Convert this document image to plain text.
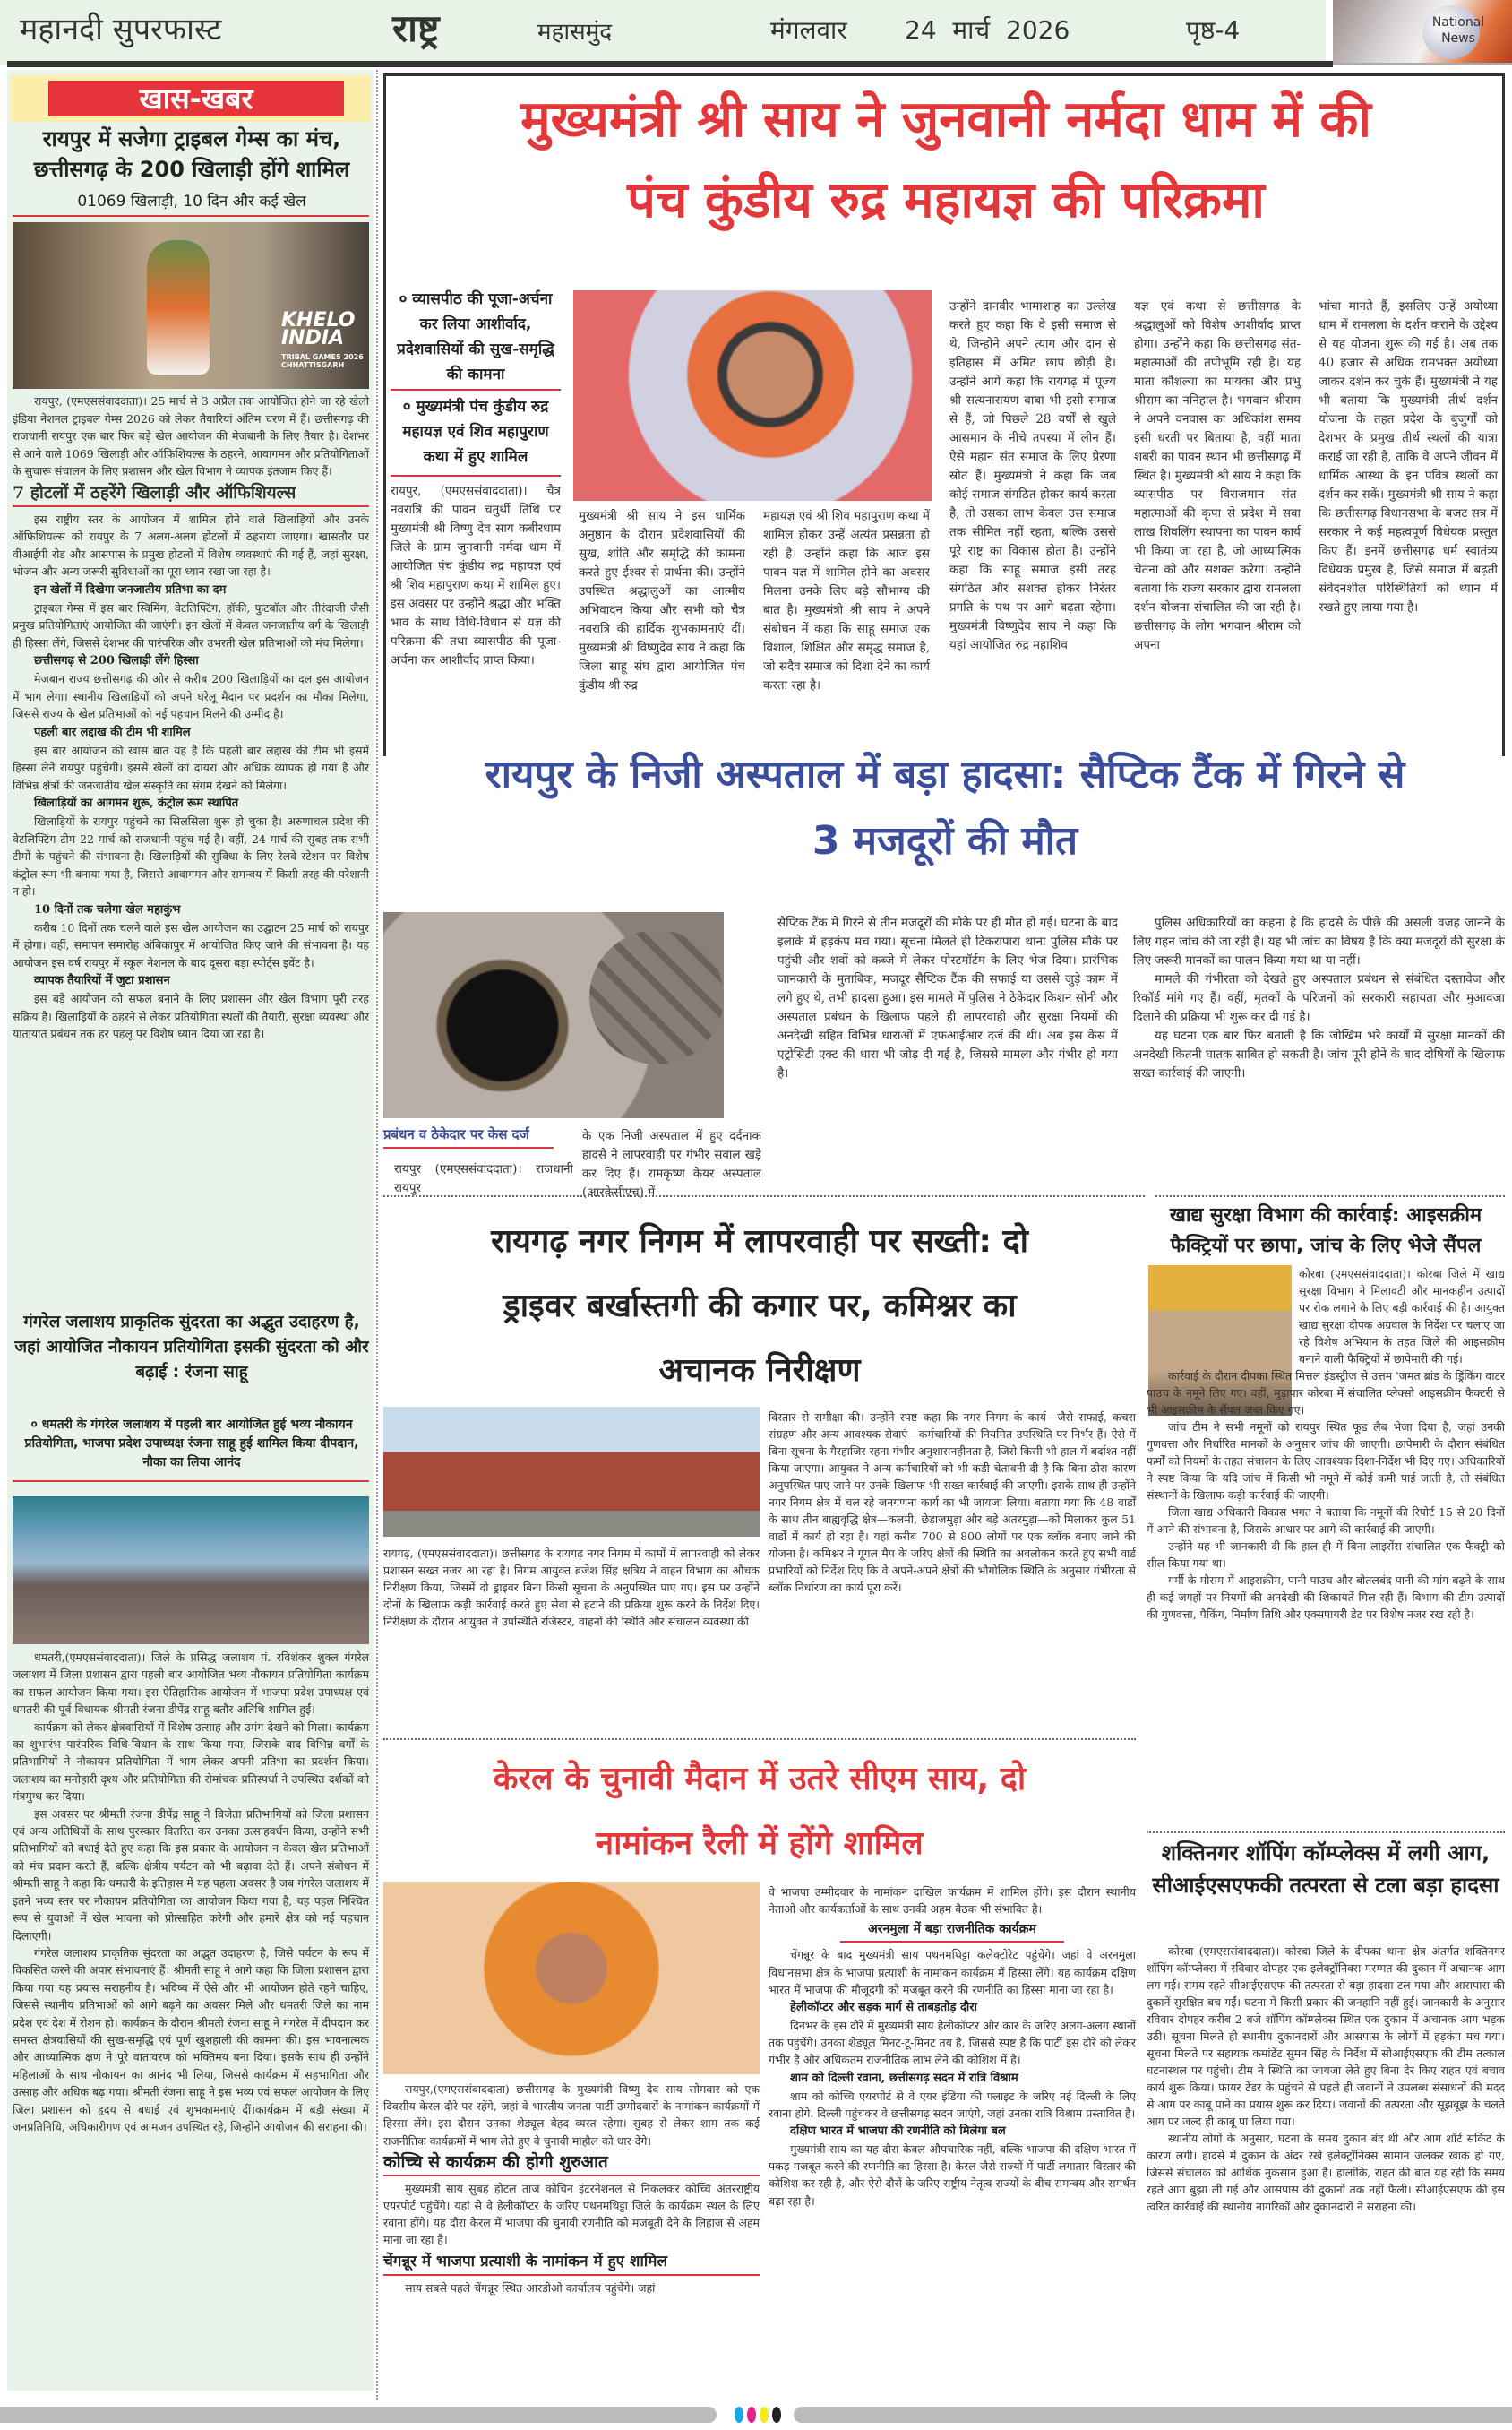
महानदी सुपरफास्ट	राष्ट्र	महासमुंद	मंगलवार 24  मार्च  2026	पृष्ठ-4	National News
खास-खबर
रायपुर में सजेगा ट्राइबल गेम्स का मंच, छत्तीसगढ़ के 200 खिलाड़ी होंगे शामिल
01069 खिलाड़ी, 10 दिन और कई खेल
KHELO INDIA
TRIBAL GAMES 2026 CHHATTISGARH

रायपुर, (एमएससंवाददाता)। 25 मार्च से 3 अप्रैल तक आयोजित होने जा रहे खेलो इंडिया नेशनल ट्राइबल गेम्स 2026 को लेकर तैयारियां अंतिम चरण में हैं। छत्तीसगढ़ की राजधानी रायपुर एक बार फिर बड़े खेल आयोजन की मेजबानी के लिए तैयार है। देशभर से आने वाले 1069 खिलाड़ी और ऑफिशियल्स के ठहरने, आवागमन और प्रतियोगिताओं के सुचारू संचालन के लिए प्रशासन और खेल विभाग ने व्यापक इंतजाम किए हैं।

7 होटलों में ठहरेंगे खिलाड़ी और ऑफिशियल्स

इस राष्ट्रीय स्तर के आयोजन में शामिल होने वाले खिलाड़ियों और उनके ऑफिशियल्स को रायपुर के 7 अलग-अलग होटलों में ठहराया जाएगा। खासतौर पर वीआईपी रोड और आसपास के प्रमुख होटलों में विशेष व्यवस्थाएं की गई हैं, जहां सुरक्षा, भोजन और अन्य जरूरी सुविधाओं का पूरा ध्यान रखा जा रहा है।

इन खेलों में दिखेगा जनजातीय प्रतिभा का दम

ट्राइबल गेम्स में इस बार स्विमिंग, वेटलिफ्टिंग, हॉकी, फुटबॉल और तीरंदाजी जैसी प्रमुख प्रतियोगिताएं आयोजित की जाएंगी। इन खेलों में केवल जनजातीय वर्ग के खिलाड़ी ही हिस्सा लेंगे, जिससे देशभर की पारंपरिक और उभरती खेल प्रतिभाओं को मंच मिलेगा।

छत्तीसगढ़ से 200 खिलाड़ी लेंगे हिस्सा

मेजबान राज्य छत्तीसगढ़ की ओर से करीब 200 खिलाड़ियों का दल इस आयोजन में भाग लेगा। स्थानीय खिलाड़ियों को अपने घरेलू मैदान पर प्रदर्शन का मौका मिलेगा, जिससे राज्य के खेल प्रतिभाओं को नई पहचान मिलने की उम्मीद है।

पहली बार लद्दाख की टीम भी शामिल

इस बार आयोजन की खास बात यह है कि पहली बार लद्दाख की टीम भी इसमें हिस्सा लेने रायपुर पहुंचेगी। इससे खेलों का दायरा और अधिक व्यापक हो गया है और विभिन्न क्षेत्रों की जनजातीय खेल संस्कृति का संगम देखने को मिलेगा।

खिलाड़ियों का आगमन शुरू, कंट्रोल रूम स्थापित

खिलाड़ियों के रायपुर पहुंचने का सिलसिला शुरू हो चुका है। अरुणाचल प्रदेश की वेटलिफ्टिंग टीम 22 मार्च को राजधानी पहुंच गई है। वहीं, 24 मार्च की सुबह तक सभी टीमों के पहुंचने की संभावना है। खिलाड़ियों की सुविधा के लिए रेलवे स्टेशन पर विशेष कंट्रोल रूम भी बनाया गया है, जिससे आवागमन और समन्वय में किसी तरह की परेशानी न हो।

10 दिनों तक चलेगा खेल महाकुंभ

करीब 10 दिनों तक चलने वाले इस खेल आयोजन का उद्घाटन 25 मार्च को रायपुर में होगा। वहीं, समापन समारोह अंबिकापुर में आयोजित किए जाने की संभावना है। यह आयोजन इस वर्ष रायपुर में स्कूल नेशनल के बाद दूसरा बड़ा स्पोर्ट्स इवेंट है।

व्यापक तैयारियों में जुटा प्रशासन

इस बड़े आयोजन को सफल बनाने के लिए प्रशासन और खेल विभाग पूरी तरह सक्रिय है। खिलाड़ियों के ठहरने से लेकर प्रतियोगिता स्थलों की तैयारी, सुरक्षा व्यवस्था और यातायात प्रबंधन तक हर पहलू पर विशेष ध्यान दिया जा रहा है।

गंगरेल जलाशय प्राकृतिक सुंदरता का अद्भुत उदाहरण है, जहां आयोजित नौकायन प्रतियोगिता इसकी सुंदरता को और बढ़ाई : रंजना साहू
० धमतरी के गंगरेल जलाशय में पहली बार आयोजित हुई भव्य नौकायन प्रतियोगिता, भाजपा प्रदेश उपाध्यक्ष रंजना साहू हुई शामिल किया दीपदान, नौका का लिया आनंद

धमतरी,(एमएससंवाददाता)। जिले के प्रसिद्ध जलाशय पं. रविशंकर शुक्ल गंगरेल जलाशय में जिला प्रशासन द्वारा पहली बार आयोजित भव्य नौकायन प्रतियोगिता कार्यक्रम का सफल आयोजन किया गया। इस ऐतिहासिक आयोजन में भाजपा प्रदेश उपाध्यक्ष एवं धमतरी की पूर्व विधायक श्रीमती रंजना डीपेंद्र साहू बतौर अतिथि शामिल हुईं।

कार्यक्रम को लेकर क्षेत्रवासियों में विशेष उत्साह और उमंग देखने को मिला। कार्यक्रम का शुभारंभ पारंपरिक विधि-विधान के साथ किया गया, जिसके बाद विभिन्न वर्गों के प्रतिभागियों ने नौकायन प्रतियोगिता में भाग लेकर अपनी प्रतिभा का प्रदर्शन किया। जलाशय का मनोहारी दृश्य और प्रतियोगिता की रोमांचक प्रतिस्पर्धा ने उपस्थित दर्शकों को मंत्रमुग्ध कर दिया।

इस अवसर पर श्रीमती रंजना डीपेंद्र साहू ने विजेता प्रतिभागियों को जिला प्रशासन एवं अन्य अतिथियों के साथ पुरस्कार वितरित कर उनका उत्साहवर्धन किया, उन्होंने सभी प्रतिभागियों को बधाई देते हुए कहा कि इस प्रकार के आयोजन न केवल खेल प्रतिभाओं को मंच प्रदान करते हैं, बल्कि क्षेत्रीय पर्यटन को भी बढ़ावा देते हैं। अपने संबोधन में श्रीमती साहू ने कहा कि धमतरी के इतिहास में यह पहला अवसर है जब गंगरेल जलाशय में इतने भव्य स्तर पर नौकायन प्रतियोगिता का आयोजन किया गया है, यह पहल निश्चित रूप से युवाओं में खेल भावना को प्रोत्साहित करेगी और हमारे क्षेत्र को नई पहचान दिलाएगी।

गंगरेल जलाशय प्राकृतिक सुंदरता का अद्भुत उदाहरण है, जिसे पर्यटन के रूप में विकसित करने की अपार संभावनाएं हैं। श्रीमती साहू ने आगे कहा कि जिला प्रशासन द्वारा किया गया यह प्रयास सराहनीय है। भविष्य में ऐसे और भी आयोजन होते रहने चाहिए, जिससे स्थानीय प्रतिभाओं को आगे बढ़ने का अवसर मिले और धमतरी जिले का नाम प्रदेश एवं देश में रोशन हो। कार्यक्रम के दौरान श्रीमती रंजना साहू ने गंगरेल में दीपदान कर समस्त क्षेत्रवासियों की सुख-समृद्धि एवं पूर्ण खुशहाली की कामना की। इस भावनात्मक और आध्यात्मिक क्षण ने पूरे वातावरण को भक्तिमय बना दिया। इसके साथ ही उन्होंने महिलाओं के साथ नौकायन का आनंद भी लिया, जिससे कार्यक्रम में सहभागिता और उत्साह और अधिक बढ़ गया। श्रीमती रंजना साहू ने इस भव्य एवं सफल आयोजन के लिए जिला प्रशासन को हृदय से बधाई एवं शुभकामनाएं दीं।कार्यक्रम में बड़ी संख्या में जनप्रतिनिधि, अधिकारीगण एवं आमजन उपस्थित रहे, जिन्होंने आयोजन की सराहना की।

मुख्यमंत्री श्री साय ने जुनवानी नर्मदा धाम में की
पंच कुंडीय रुद्र महायज्ञ की परिक्रमा
० व्यासपीठ की पूजा-अर्चना कर लिया आशीर्वाद, प्रदेशवासियों की सुख-समृद्धि की कामना
० मुख्यमंत्री पंच कुंडीय रुद्र महायज्ञ एवं शिव महापुराण कथा में हुए शामिल
रायपुर, (एमएससंवाददाता)। चैत्र नवरात्रि की पावन चतुर्थी तिथि पर मुख्यमंत्री श्री विष्णु देव साय कबीरधाम जिले के ग्राम जुनवानी नर्मदा धाम में आयोजित पंच कुंडीय रुद्र महायज्ञ एवं श्री शिव महापुराण कथा में शामिल हुए। इस अवसर पर उन्होंने श्रद्धा और भक्ति भाव के साथ विधि-विधान से यज्ञ की परिक्रमा की तथा व्यासपीठ की पूजा-अर्चना कर आशीर्वाद प्राप्त किया।
मुख्यमंत्री श्री साय ने इस धार्मिक अनुष्ठान के दौरान प्रदेशवासियों की सुख, शांति और समृद्धि की कामना करते हुए ईश्वर से प्रार्थना की। उन्होंने उपस्थित श्रद्धालुओं का आत्मीय अभिवादन किया और सभी को चैत्र नवरात्रि की हार्दिक शुभकामनाएं दीं। मुख्यमंत्री श्री विष्णुदेव साय ने कहा कि जिला साहू संघ द्वारा आयोजित पंच कुंडीय श्री रुद्र
महायज्ञ एवं श्री शिव महापुराण कथा में शामिल होकर उन्हें अत्यंत प्रसन्नता हो रही है। उन्होंने कहा कि आज इस पावन यज्ञ में शामिल होने का अवसर मिलना उनके लिए बड़े सौभाग्य की बात है। मुख्यमंत्री श्री साय ने अपने संबोधन में कहा कि साहू समाज एक विशाल, शिक्षित और समृद्ध समाज है, जो सदैव समाज को दिशा देने का कार्य करता रहा है।
उन्होंने दानवीर भामाशाह का उल्लेख करते हुए कहा कि वे इसी समाज से थे, जिन्होंने अपने त्याग और दान से इतिहास में अमिट छाप छोड़ी है। उन्होंने आगे कहा कि रायगढ़ में पूज्य श्री सत्यनारायण बाबा भी इसी समाज से हैं, जो पिछले 28 वर्षों से खुले आसमान के नीचे तपस्या में लीन हैं। ऐसे महान संत समाज के लिए प्रेरणा स्रोत हैं। मुख्यमंत्री ने कहा कि जब कोई समाज संगठित होकर कार्य करता है, तो उसका लाभ केवल उस समाज तक सीमित नहीं रहता, बल्कि उससे पूरे राष्ट्र का विकास होता है। उन्होंने कहा कि साहू समाज इसी तरह संगठित और सशक्त होकर निरंतर प्रगति के पथ पर आगे बढ़ता रहेगा। मुख्यमंत्री विष्णुदेव साय ने कहा कि यहां आयोजित रुद्र महाशिव
यज्ञ एवं कथा से छत्तीसगढ़ के श्रद्धालुओं को विशेष आशीर्वाद प्राप्त होगा। उन्होंने कहा कि छत्तीसगढ़ संत-महात्माओं की तपोभूमि रही है। यह माता कौशल्या का मायका और प्रभु श्रीराम का ननिहाल है। भगवान श्रीराम ने अपने वनवास का अधिकांश समय इसी धरती पर बिताया है, वहीं माता शबरी का पावन स्थान भी छत्तीसगढ़ में स्थित है। मुख्यमंत्री श्री साय ने कहा कि व्यासपीठ पर विराजमान संत-महात्माओं की कृपा से प्रदेश में सवा लाख शिवलिंग स्थापना का पावन कार्य भी किया जा रहा है, जो आध्यात्मिक चेतना को और सशक्त करेगा। उन्होंने बताया कि राज्य सरकार द्वारा रामलला दर्शन योजना संचालित की जा रही है। छत्तीसगढ़ के लोग भगवान श्रीराम को अपना
भांचा मानते हैं, इसलिए उन्हें अयोध्या धाम में रामलला के दर्शन कराने के उद्देश्य से यह योजना शुरू की गई है। अब तक 40 हजार से अधिक रामभक्त अयोध्या जाकर दर्शन कर चुके हैं। मुख्यमंत्री ने यह भी बताया कि मुख्यमंत्री तीर्थ दर्शन योजना के तहत प्रदेश के बुजुर्गों को देशभर के प्रमुख तीर्थ स्थलों की यात्रा कराई जा रही है, ताकि वे अपने जीवन में धार्मिक आस्था के इन पवित्र स्थलों का दर्शन कर सकें। मुख्यमंत्री श्री साय ने कहा कि छत्तीसगढ़ विधानसभा के बजट सत्र में सरकार ने कई महत्वपूर्ण विधेयक प्रस्तुत किए हैं। इनमें छत्तीसगढ़ धर्म स्वातंत्र्य विधेयक प्रमुख है, जिसे समाज में बढ़ती संवेदनशील परिस्थितियों को ध्यान में रखते हुए लाया गया है।
रायपुर के निजी अस्पताल में बड़ा हादसा: सैप्टिक टैंक में गिरने से
3 मजदूरों की मौत
प्रबंधन व ठेकेदार पर केस दर्ज
रायपुर (एमएससंवाददाता)। राजधानी रायपुर
के एक निजी अस्पताल में हुए दर्दनाक हादसे ने लापरवाही पर गंभीर सवाल खड़े कर दिए हैं। रामकृष्ण केयर अस्पताल (आरकेसीएच) में
सैप्टिक टैंक में गिरने से तीन मजदूरों की मौके पर ही मौत हो गई। घटना के बाद इलाके में हड़कंप मच गया। सूचना मिलते ही टिकरापारा थाना पुलिस मौके पर पहुंची और शवों को कब्जे में लेकर पोस्टमॉर्टम के लिए भेज दिया। प्रारंभिक जानकारी के मुताबिक, मजदूर सैप्टिक टैंक की सफाई या उससे जुड़े काम में लगे हुए थे, तभी हादसा हुआ। इस मामले में पुलिस ने ठेकेदार किशन सोनी और अस्पताल प्रबंधन के खिलाफ पहले ही लापरवाही और सुरक्षा नियमों की अनदेखी सहित विभिन्न धाराओं में एफआईआर दर्ज की थी। अब इस केस में एट्रोसिटी एक्ट की धारा भी जोड़ दी गई है, जिससे मामला और गंभीर हो गया है।

पुलिस अधिकारियों का कहना है कि हादसे के पीछे की असली वजह जानने के लिए गहन जांच की जा रही है। यह भी जांच का विषय है कि क्या मजदूरों की सुरक्षा के लिए जरूरी मानकों का पालन किया गया था या नहीं।

मामले की गंभीरता को देखते हुए अस्पताल प्रबंधन से संबंधित दस्तावेज और रिकॉर्ड मांगे गए हैं। वहीं, मृतकों के परिजनों को सरकारी सहायता और मुआवजा दिलाने की प्रक्रिया भी शुरू कर दी गई है।

यह घटना एक बार फिर बताती है कि जोखिम भरे कार्यों में सुरक्षा मानकों की अनदेखी कितनी घातक साबित हो सकती है। जांच पूरी होने के बाद दोषियों के खिलाफ सख्त कार्रवाई की जाएगी।

रायगढ़ नगर निगम में लापरवाही पर सख्ती: दो
ड्राइवर बर्खास्तगी की कगार पर, कमिश्नर का
अचानक निरीक्षण
रायगढ़, (एमएससंवाददाता)। छत्तीसगढ़ के रायगढ़ नगर निगम में कामों में लापरवाही को लेकर प्रशासन सख्त नजर आ रहा है। निगम आयुक्त ब्रजेश सिंह क्षत्रिय ने वाहन विभाग का औचक निरीक्षण किया, जिसमें दो ड्राइवर बिना किसी सूचना के अनुपस्थित पाए गए। इस पर उन्होंने दोनों के खिलाफ कड़ी कार्रवाई करते हुए सेवा से हटाने की प्रक्रिया शुरू करने के निर्देश दिए। निरीक्षण के दौरान आयुक्त ने उपस्थिति रजिस्टर, वाहनों की स्थिति और संचालन व्यवस्था की
विस्तार से समीक्षा की। उन्होंने स्पष्ट कहा कि नगर निगम के कार्य—जैसे सफाई, कचरा संग्रहण और अन्य आवश्यक सेवाएं—कर्मचारियों की नियमित उपस्थिति पर निर्भर हैं। ऐसे में बिना सूचना के गैरहाजिर रहना गंभीर अनुशासनहीनता है, जिसे किसी भी हाल में बर्दाश्त नहीं किया जाएगा। आयुक्त ने अन्य कर्मचारियों को भी कड़ी चेतावनी दी है कि बिना ठोस कारण अनुपस्थित पाए जाने पर उनके खिलाफ भी सख्त कार्रवाई की जाएगी। इसके साथ ही उन्होंने नगर निगम क्षेत्र में चल रहे जनगणना कार्य का भी जायजा लिया। बताया गया कि 48 वार्डों के साथ तीन बाह्यवृद्धि क्षेत्र—कलमी, छेड़ाजमुड़ा और बड़े अतरमुड़ा—को मिलाकर कुल 51 वार्डों में कार्य हो रहा है। यहां करीब 700 से 800 लोगों पर एक ब्लॉक बनाए जाने की योजना है। कमिश्नर ने गूगल मैप के जरिए क्षेत्रों की स्थिति का अवलोकन करते हुए सभी वार्ड प्रभारियों को निर्देश दिए कि वे अपने-अपने क्षेत्रों की भौगोलिक स्थिति के अनुसार गंभीरता से ब्लॉक निर्धारण का कार्य पूरा करें।
खाद्य सुरक्षा विभाग की कार्रवाई: आइसक्रीम फैक्ट्रियों पर छापा, जांच के लिए भेजे सैंपल

कोरबा (एमएससंवाददाता)। कोरबा जिले में खाद्य सुरक्षा विभाग ने मिलावटी और मानकहीन उत्पादों पर रोक लगाने के लिए बड़ी कार्रवाई की है। आयुक्त खाद्य सुरक्षा दीपक अग्रवाल के निर्देश पर चलाए जा रहे विशेष अभियान के तहत जिले की आइसक्रीम बनाने वाली फैक्ट्रियों में छापेमारी की गई।

कार्रवाई के दौरान दीपका स्थित मित्तल इंडस्ट्रीज से उत्तम 'जमत ब्रांड के ड्रिंकिंग वाटर पाउच के नमूने लिए गए। वहीं, मुड़ापार कोरबा में संचालित प्लेक्सो आइसक्रीम फैक्टरी से भी आइसक्रीम के सैंपल जब्त किए गए।

जांच टीम ने सभी नमूनों को रायपुर स्थित फूड लैब भेजा दिया है, जहां उनकी गुणवत्ता और निर्धारित मानकों के अनुसार जांच की जाएगी। छापेमारी के दौरान संबंधित फर्मों को नियमों के तहत संचालन के लिए आवश्यक दिशा-निर्देश भी दिए गए। अधिकारियों ने स्पष्ट किया कि यदि जांच में किसी भी नमूने में कोई कमी पाई जाती है, तो संबंधित संस्थानों के खिलाफ कड़ी कार्रवाई की जाएगी।

जिला खाद्य अधिकारी विकास भगत ने बताया कि नमूनों की रिपोर्ट 15 से 20 दिनों में आने की संभावना है, जिसके आधार पर आगे की कार्रवाई की जाएगी।

उन्होंने यह भी जानकारी दी कि हाल ही में बिना लाइसेंस संचालित एक फैक्ट्री को सील किया गया था।

गर्मी के मौसम में आइसक्रीम, पानी पाउच और बोतलबंद पानी की मांग बढ़ने के साथ ही कई जगहों पर नियमों की अनदेखी की शिकायतें मिल रही हैं। विभाग की टीम उत्पादों की गुणवत्ता, पैकिंग, निर्माण तिथि और एक्सपायरी डेट पर विशेष नजर रख रही है।

शक्तिनगर शॉपिंग कॉम्प्लेक्स में लगी आग, सीआईएसएफकी तत्परता से टला बड़ा हादसा

कोरबा (एमएससंवाददाता)। कोरबा जिले के दीपका थाना क्षेत्र अंतर्गत शक्तिनगर शॉपिंग कॉम्प्लेक्स में रविवार दोपहर एक इलेक्ट्रॉनिक्स मरम्मत की दुकान में अचानक आग लग गई। समय रहते सीआईएसएफ की तत्परता से बड़ा हादसा टल गया और आसपास की दुकानें सुरक्षित बच गईं। घटना में किसी प्रकार की जनहानि नहीं हुई। जानकारी के अनुसार रविवार दोपहर करीब 2 बजे शॉपिंग कॉम्प्लेक्स स्थित एक दुकान में अचानक आग भड़क उठी। सूचना मिलते ही स्थानीय दुकानदारों और आसपास के लोगों में हड़कंप मच गया। सूचना मिलते पर सहायक कमांडेंट सुमन सिंह के निर्देश में सीआईएसएफ की टीम तत्काल घटनास्थल पर पहुंची। टीम ने स्थिति का जायजा लेते हुए बिना देर किए राहत एवं बचाव कार्य शुरू किया। फायर टेंडर के पहुंचने से पहले ही जवानों ने उपलब्ध संसाधनों की मदद से आग पर काबू पाने का प्रयास शुरू कर दिया। जवानों की तत्परता और सूझबूझ के चलते आग पर जल्द ही काबू पा लिया गया।

स्थानीय लोगों के अनुसार, घटना के समय दुकान बंद थी और आग शॉर्ट सर्किट के कारण लगी। हादसे में दुकान के अंदर रखे इलेक्ट्रॉनिक्स सामान जलकर खाक हो गए, जिससे संचालक को आर्थिक नुकसान हुआ है। हालांकि, राहत की बात यह रही कि समय रहते आग बुझा ली गई और आसपास की दुकानों तक नहीं फैली। सीआईएसएफ की इस त्वरित कार्रवाई की स्थानीय नागरिकों और दुकानदारों ने सराहना की।

केरल के चुनावी मैदान में उतरे सीएम साय, दो
नामांकन रैली में होंगे शामिल

रायपुर,(एमएससंवाददाता) छत्तीसगढ़ के मुख्यमंत्री विष्णु देव साय सोमवार को एक दिवसीय केरल दौरे पर रहेंगे, जहां वे भारतीय जनता पार्टी उम्मीदवारों के नामांकन कार्यक्रमों में हिस्सा लेंगे। इस दौरान उनका शेड्यूल बेहद व्यस्त रहेगा। सुबह से लेकर शाम तक कई राजनीतिक कार्यक्रमों में भाग लेते हुए वे चुनावी माहौल को धार देंगे।

कोच्चि से कार्यक्रम की होगी शुरुआत

मुख्यमंत्री साय सुबह होटल ताज कोचिन इंटरनेशनल से निकलकर कोच्चि अंतरराष्ट्रीय एयरपोर्ट पहुंचेंगे। यहां से वे हेलीकॉप्टर के जरिए पथनमथिट्टा जिले के कार्यक्रम स्थल के लिए रवाना होंगे। यह दौरा केरल में भाजपा की चुनावी रणनीति को मजबूती देने के लिहाज से अहम माना जा रहा है।

चेंगन्नूर में भाजपा प्रत्याशी के नामांकन में हुए शामिल

साय सबसे पहले चेंगन्नूर स्थित आरडीओ कार्यालय पहुंचेंगे। जहां

वे भाजपा उम्मीदवार के नामांकन दाखिल कार्यक्रम में शामिल होंगे। इस दौरान स्थानीय नेताओं और कार्यकर्ताओं के साथ उनकी अहम बैठक भी संभावित है।

अरनमुला में बड़ा राजनीतिक कार्यक्रम

चेंगन्नूर के बाद मुख्यमंत्री साय पथनमथिट्टा कलेक्टोरेट पहुंचेंगे। जहां वे अरनमुला विधानसभा क्षेत्र के भाजपा प्रत्याशी के नामांकन कार्यक्रम में हिस्सा लेंगे। यह कार्यक्रम दक्षिण भारत में भाजपा की मौजूदगी को मजबूत करने की रणनीति का हिस्सा माना जा रहा है।

हेलीकॉप्टर और सड़क मार्ग से ताबड़तोड़ दौरा

दिनभर के इस दौरे में मुख्यमंत्री साय हेलीकॉप्टर और कार के जरिए अलग-अलग स्थानों तक पहुंचेंगे। उनका शेड्यूल मिनट-टू-मिनट तय है, जिससे स्पष्ट है कि पार्टी इस दौरे को लेकर गंभीर है और अधिकतम राजनीतिक लाभ लेने की कोशिश में है।

शाम को दिल्ली रवाना, छत्तीसगढ़ सदन में रात्रि विश्राम

शाम को कोच्चि एयरपोर्ट से वे एयर इंडिया की फ्लाइट के जरिए नई दिल्ली के लिए रवाना होंगे. दिल्ली पहुंचकर वे छत्तीसगढ़ सदन जाएंगे, जहां उनका रात्रि विश्राम प्रस्तावित है।

दक्षिण भारत में भाजपा की रणनीति को मिलेगा बल

मुख्यमंत्री साय का यह दौरा केवल औपचारिक नहीं, बल्कि भाजपा की दक्षिण भारत में पकड़ मजबूत करने की रणनीति का हिस्सा है। केरल जैसे राज्यों में पार्टी लगातार विस्तार की कोशिश कर रही है, और ऐसे दौरों के जरिए राष्ट्रीय नेतृत्व राज्यों के बीच समन्वय और समर्थन बढ़ा रहा है।
